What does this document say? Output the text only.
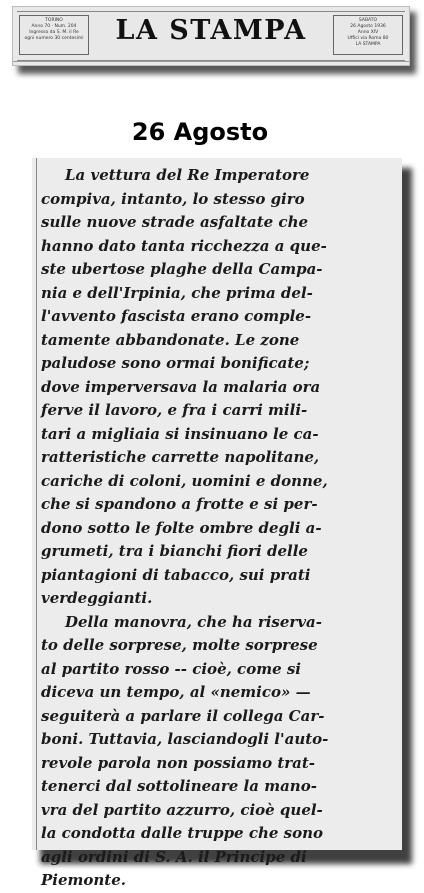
TORINO
Anno 70 · Num. 204
Ingresso da S. M. il Re
ogni numero 30 centesimi	LA STAMPA	SABATO
26 Agosto 1936
Anno XIV
Uffici via Roma 80
LA STAMPA
26 Agosto
La vettura del Re Imperatore
compiva, intanto, lo stesso giro
sulle nuove strade asfaltate che
hanno dato tanta ricchezza a que-
ste ubertose plaghe della Campa-
nia e dell'Irpinia, che prima del-
l'avvento fascista erano comple-
tamente abbandonate. Le zone
paludose sono ormai bonificate;
dove imperversava la malaria ora
ferve il lavoro, e fra i carri mili-
tari a migliaia si insinuano le ca-
ratteristiche carrette napolitane,
cariche di coloni, uomini e donne,
che si spandono a frotte e si per-
dono sotto le folte ombre degli a-
grumeti, tra i bianchi fiori delle
piantagioni di tabacco, sui prati
verdeggianti.
Della manovra, che ha riserva-
to delle sorprese, molte sorprese
al partito rosso -- cioè, come si
diceva un tempo, al «nemico» —
seguiterà a parlare il collega Car-
boni. Tuttavia, lasciandogli l'auto-
revole parola non possiamo trat-
tenerci dal sottolineare la mano-
vra del partito azzurro, cioè quel-
la condotta dalle truppe che sono
agli ordini di S. A. il Principe di
Piemonte.
